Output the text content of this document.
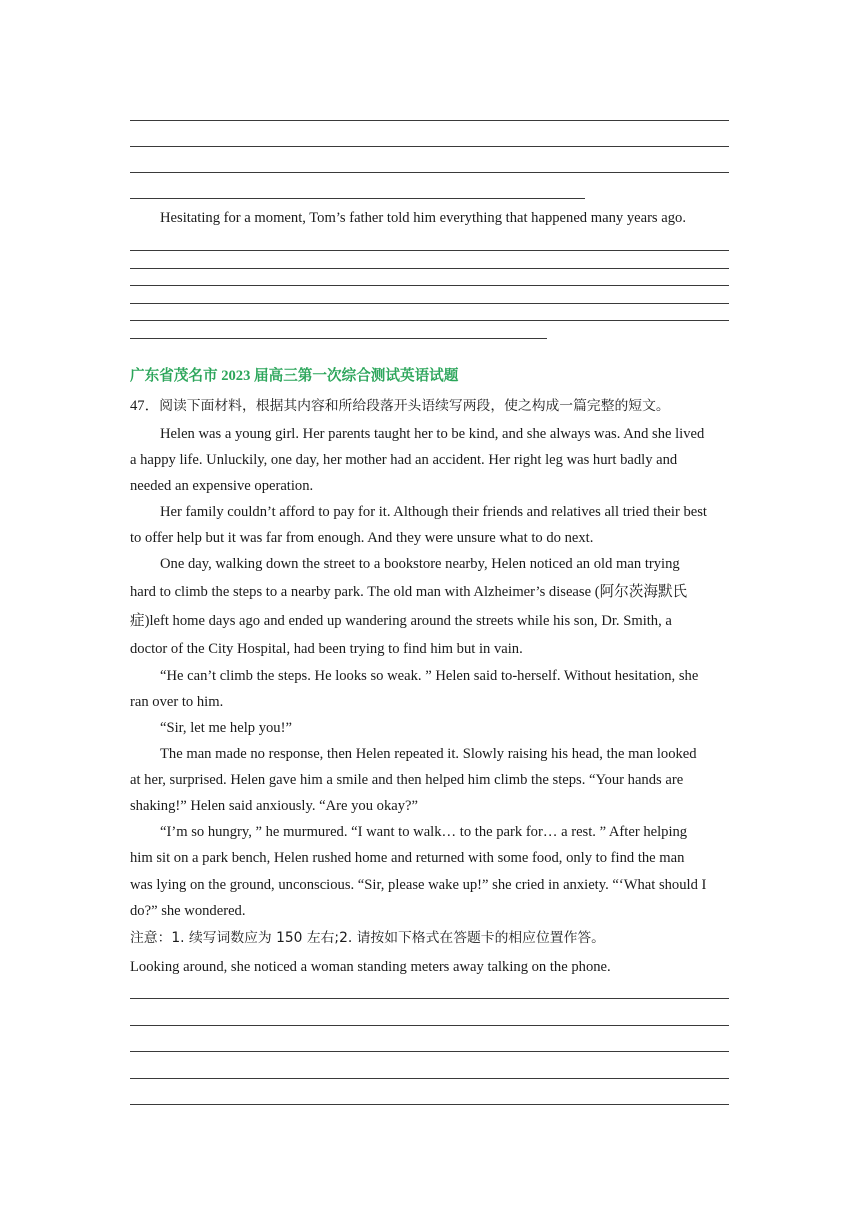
Hesitating for a moment, Tom’s father told him everything that happened many years ago.
广东省茂名市 2023 届高三第一次综合测试英语试题
47．阅读下面材料，根据其内容和所给段落开头语续写两段，使之构成一篇完整的短文。
Helen was a young girl. Her parents taught her to be kind, and she always was. And she lived
a happy life. Unluckily, one day, her mother had an accident. Her right leg was hurt badly and
needed an expensive operation.
Her family couldn’t afford to pay for it. Although their friends and relatives all tried their best
to offer help but it was far from enough. And they were unsure what to do next.
One day, walking down the street to a bookstore nearby, Helen noticed an old man trying
hard to climb the steps to a nearby park. The old man with Alzheimer’s disease (阿尔茨海默氏
症)left home days ago and ended up wandering around the streets while his son, Dr. Smith, a
doctor of the City Hospital, had been trying to find him but in vain.
“He can’t climb the steps. He looks so weak. ” Helen said to-herself. Without hesitation, she
ran over to him.
“Sir, let me help you!”
The man made no response, then Helen repeated it. Slowly raising his head, the man looked
at her, surprised. Helen gave him a smile and then helped him climb the steps. “Your hands are
shaking!” Helen said anxiously. “Are you okay?”
“I’m so hungry, ” he murmured. “I want to walk… to the park for… a rest. ” After helping
him sit on a park bench, Helen rushed home and returned with some food, only to find the man
was lying on the ground, unconscious. “Sir, please wake up!” she cried in anxiety. “‘What should I
do?” she wondered.
注意：1. 续写词数应为 150 左右;2. 请按如下格式在答题卡的相应位置作答。
Looking around, she noticed a woman standing meters away talking on the phone.
